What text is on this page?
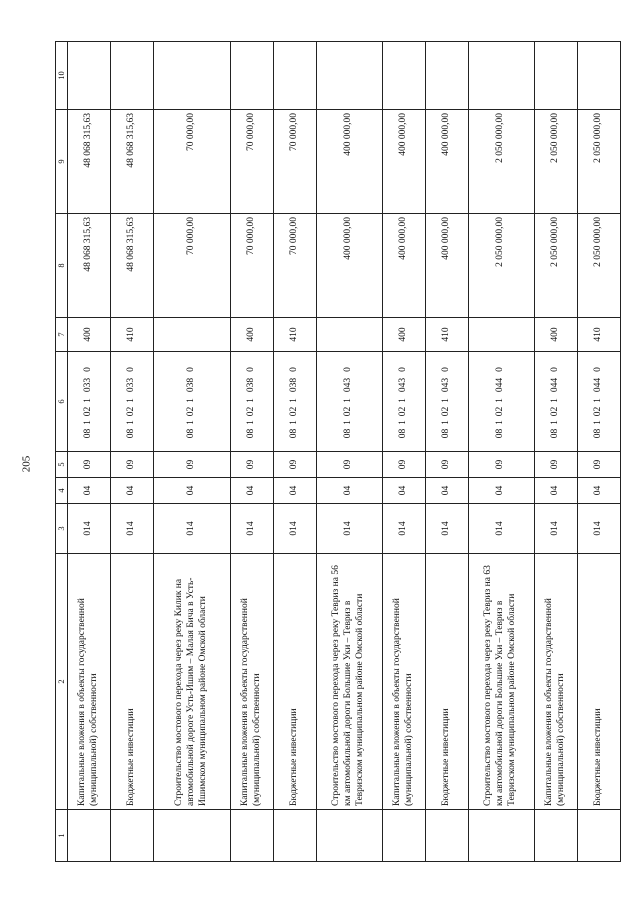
205
1	2	3	4	5	6	7	8	9	10
	Капитальные вложения в объекты государственной (муниципальной) собственности	014	04	09	0810210330	400	48 068 315,63	48 068 315,63	
	Бюджетные инвестиции	014	04	09	0810210330	410	48 068 315,63	48 068 315,63	
	Строительство мостового перехода через реку Килик на автомобильной дороге Усть-Ишим – Малая Бича в Усть-Ишимском муниципальном районе Омской области	014	04	09	0810210380		70 000,00	70 000,00	
	Капитальные вложения в объекты государственной (муниципальной) собственности	014	04	09	0810210380	400	70 000,00	70 000,00	
	Бюджетные инвестиции	014	04	09	0810210380	410	70 000,00	70 000,00	
	Строительство мостового перехода через реку Тевриз на 56 км автомобильной дороги Большие Уки – Тевриз в Тевризском муниципальном районе Омской области	014	04	09	0810210430		400 000,00	400 000,00	
	Капитальные вложения в объекты государственной (муниципальной) собственности	014	04	09	0810210430	400	400 000,00	400 000,00	
	Бюджетные инвестиции	014	04	09	0810210430	410	400 000,00	400 000,00	
	Строительство мостового перехода через реку Тевриз на 63 км автомобильной дороги Большие Уки – Тевриз в Тевризском муниципальном районе Омской области	014	04	09	0810210440		2 050 000,00	2 050 000,00	
	Капитальные вложения в объекты государственной (муниципальной) собственности	014	04	09	0810210440	400	2 050 000,00	2 050 000,00	
	Бюджетные инвестиции	014	04	09	0810210440	410	2 050 000,00	2 050 000,00	
